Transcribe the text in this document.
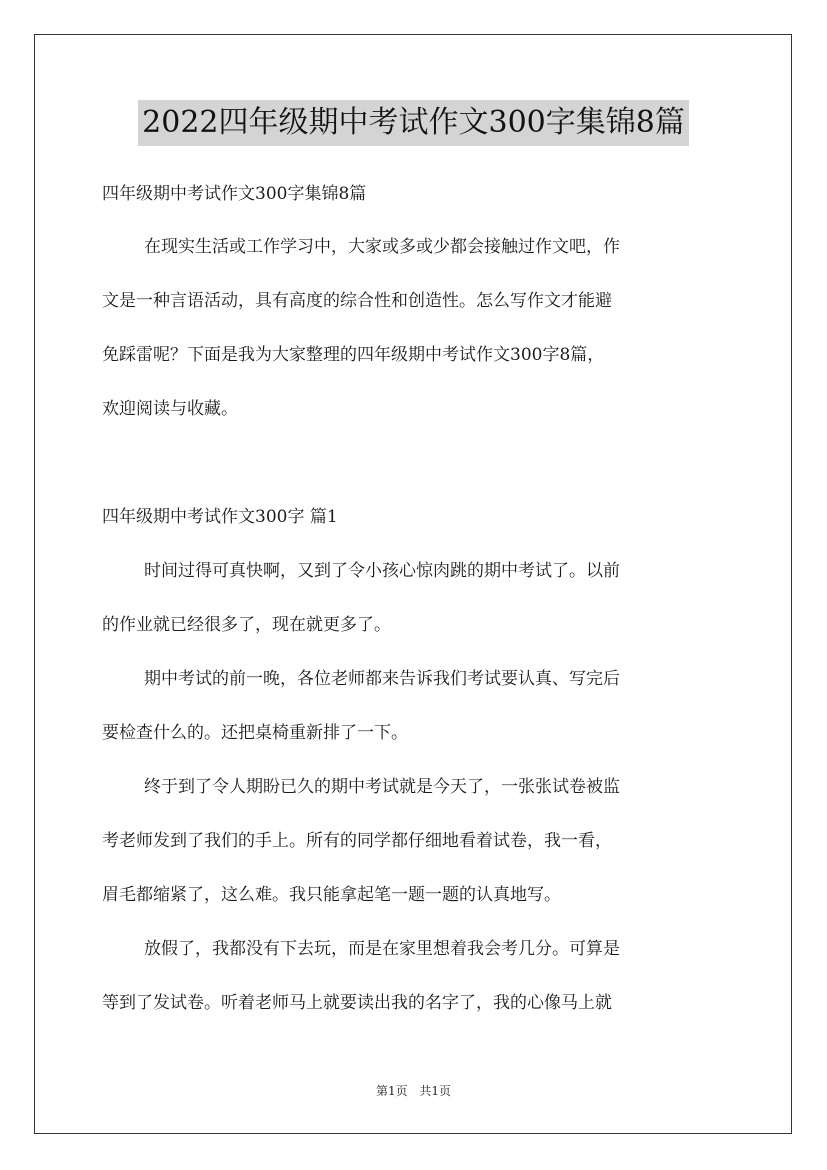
2022四年级期中考试作文300字集锦8篇

四年级期中考试作文300字集锦8篇

在现实生活或工作学习中，大家或多或少都会接触过作文吧，作

文是一种言语活动，具有高度的综合性和创造性。怎么写作文才能避

免踩雷呢？下面是我为大家整理的四年级期中考试作文300字8篇，

欢迎阅读与收藏。

四年级期中考试作文300字 篇1

时间过得可真快啊，又到了令小孩心惊肉跳的期中考试了。以前

的作业就已经很多了，现在就更多了。

期中考试的前一晚，各位老师都来告诉我们考试要认真、写完后

要检查什么的。还把桌椅重新排了一下。

终于到了令人期盼已久的期中考试就是今天了，一张张试卷被监

考老师发到了我们的手上。所有的同学都仔细地看着试卷，我一看，

眉毛都缩紧了，这么难。我只能拿起笔一题一题的认真地写。

放假了，我都没有下去玩，而是在家里想着我会考几分。可算是

等到了发试卷。听着老师马上就要读出我的名字了，我的心像马上就

第1页 共1页
